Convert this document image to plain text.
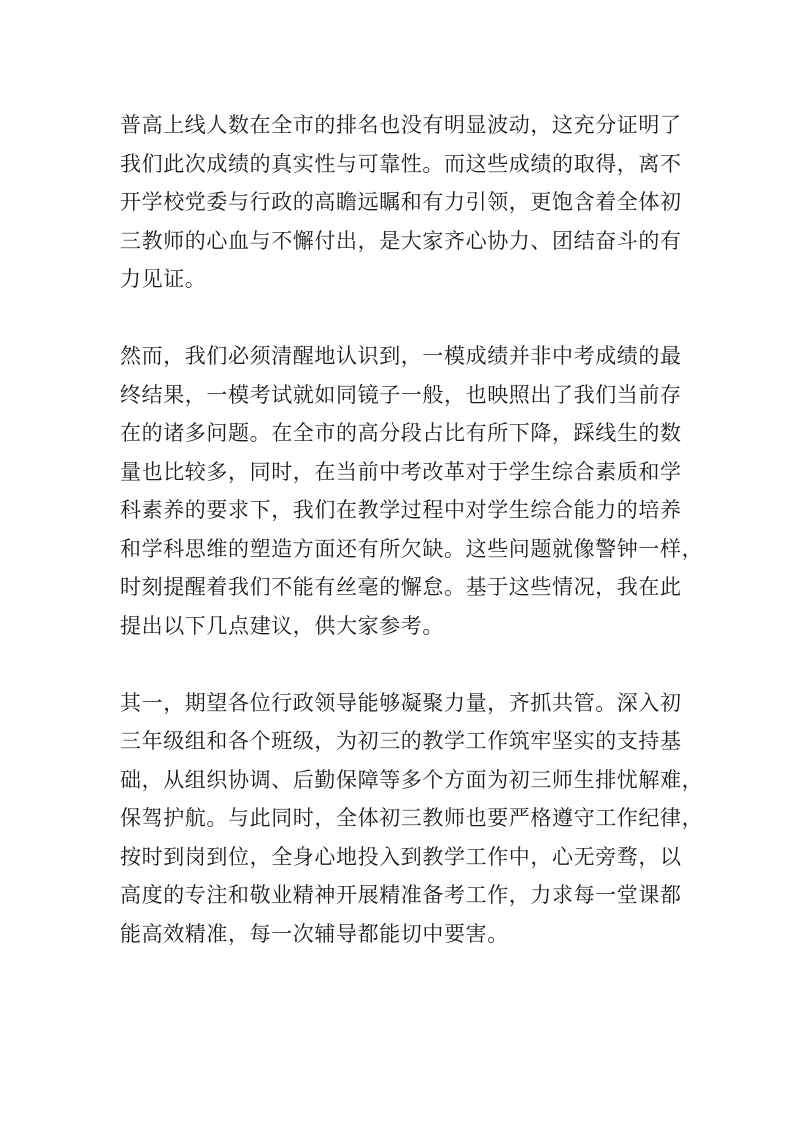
普高上线人数在全市的排名也没有明显波动，这充分证明了
我们此次成绩的真实性与可靠性。而这些成绩的取得，离不
开学校党委与行政的高瞻远瞩和有力引领，更饱含着全体初
三教师的心血与不懈付出，是大家齐心协力、团结奋斗的有
力见证。

然而，我们必须清醒地认识到，一模成绩并非中考成绩的最
终结果，一模考试就如同镜子一般，也映照出了我们当前存
在的诸多问题。在全市的高分段占比有所下降，踩线生的数
量也比较多，同时，在当前中考改革对于学生综合素质和学
科素养的要求下，我们在教学过程中对学生综合能力的培养
和学科思维的塑造方面还有所欠缺。这些问题就像警钟一样，
时刻提醒着我们不能有丝毫的懈怠。基于这些情况，我在此
提出以下几点建议，供大家参考。

其一，期望各位行政领导能够凝聚力量，齐抓共管。深入初
三年级组和各个班级，为初三的教学工作筑牢坚实的支持基
础，从组织协调、后勤保障等多个方面为初三师生排忧解难，
保驾护航。与此同时，全体初三教师也要严格遵守工作纪律，
按时到岗到位，全身心地投入到教学工作中，心无旁骛，以
高度的专注和敬业精神开展精准备考工作，力求每一堂课都
能高效精准，每一次辅导都能切中要害。
